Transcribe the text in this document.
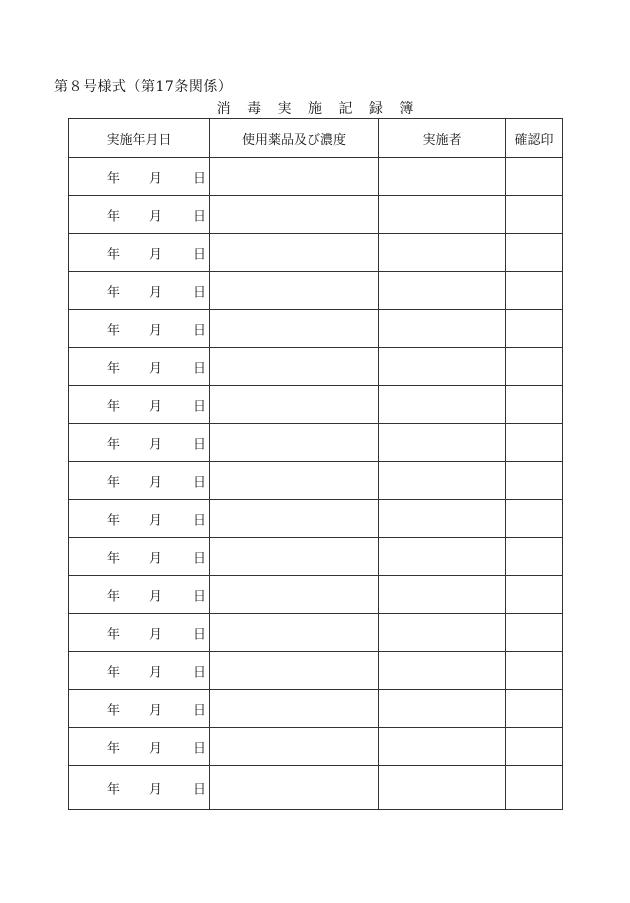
第８号様式（第17条関係）
消 毒 実 施 記 録 簿
実施年月日	使用薬品及び濃度	実施者	確認印

年 月 日			

年 月 日			

年 月 日			

年 月 日			

年 月 日			

年 月 日			

年 月 日			

年 月 日			

年 月 日			

年 月 日			

年 月 日			

年 月 日			

年 月 日			

年 月 日			

年 月 日			

年 月 日			

年 月 日			
